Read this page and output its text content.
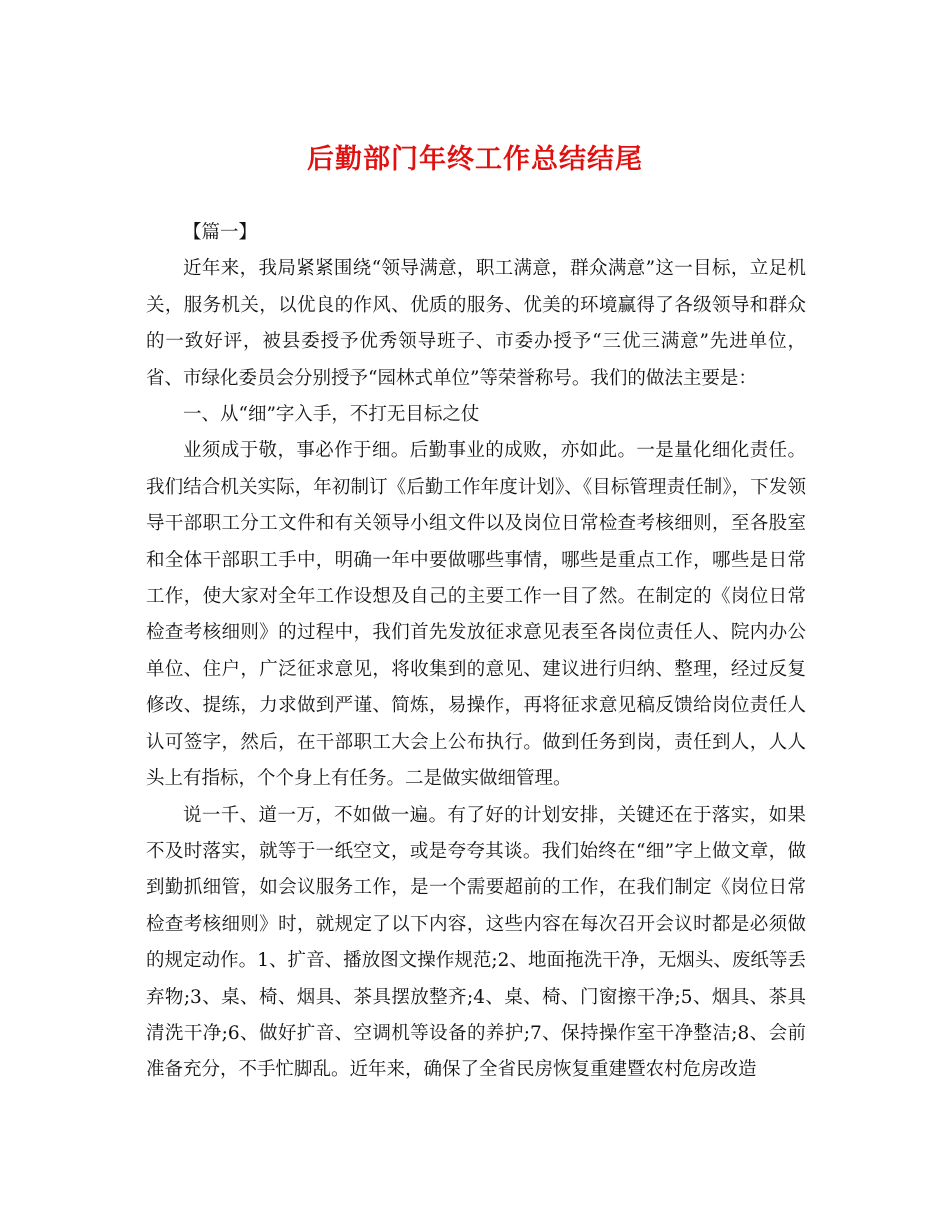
后勤部门年终工作总结结尾

【篇一】

近年来，我局紧紧围绕“领导满意，职工满意，群众满意”这一目标，立足机关，服务机关，以优良的作风、优质的服务、优美的环境赢得了各级领导和群众的一致好评，被县委授予优秀领导班子、市委办授予“三优三满意”先进单位，省、市绿化委员会分别授予“园林式单位”等荣誉称号。我们的做法主要是：

一、从“细”字入手，不打无目标之仗

业须成于敬，事必作于细。后勤事业的成败，亦如此。一是量化细化责任。我们结合机关实际，年初制订《后勤工作年度计划》、《目标管理责任制》，下发领导干部职工分工文件和有关领导小组文件以及岗位日常检查考核细则，至各股室和全体干部职工手中，明确一年中要做哪些事情，哪些是重点工作，哪些是日常工作，使大家对全年工作设想及自己的主要工作一目了然。在制定的《岗位日常检查考核细则》的过程中，我们首先发放征求意见表至各岗位责任人、院内办公单位、住户，广泛征求意见，将收集到的意见、建议进行归纳、整理，经过反复修改、提练，力求做到严谨、简炼，易操作，再将征求意见稿反馈给岗位责任人认可签字，然后，在干部职工大会上公布执行。做到任务到岗，责任到人，人人头上有指标，个个身上有任务。二是做实做细管理。

说一千、道一万，不如做一遍。有了好的计划安排，关键还在于落实，如果不及时落实，就等于一纸空文，或是夸夸其谈。我们始终在“细”字上做文章，做到勤抓细管，如会议服务工作，是一个需要超前的工作，在我们制定《岗位日常检查考核细则》时，就规定了以下内容，这些内容在每次召开会议时都是必须做的规定动作。1、扩音、播放图文操作规范;2、地面拖洗干净，无烟头、废纸等丢弃物;3、桌、椅、烟具、茶具摆放整齐;4、桌、椅、门窗擦干净;5、烟具、茶具清洗干净;6、做好扩音、空调机等设备的养护;7、保持操作室干净整洁;8、会前准备充分，不手忙脚乱。近年来，确保了全省民房恢复重建暨农村危房改造
